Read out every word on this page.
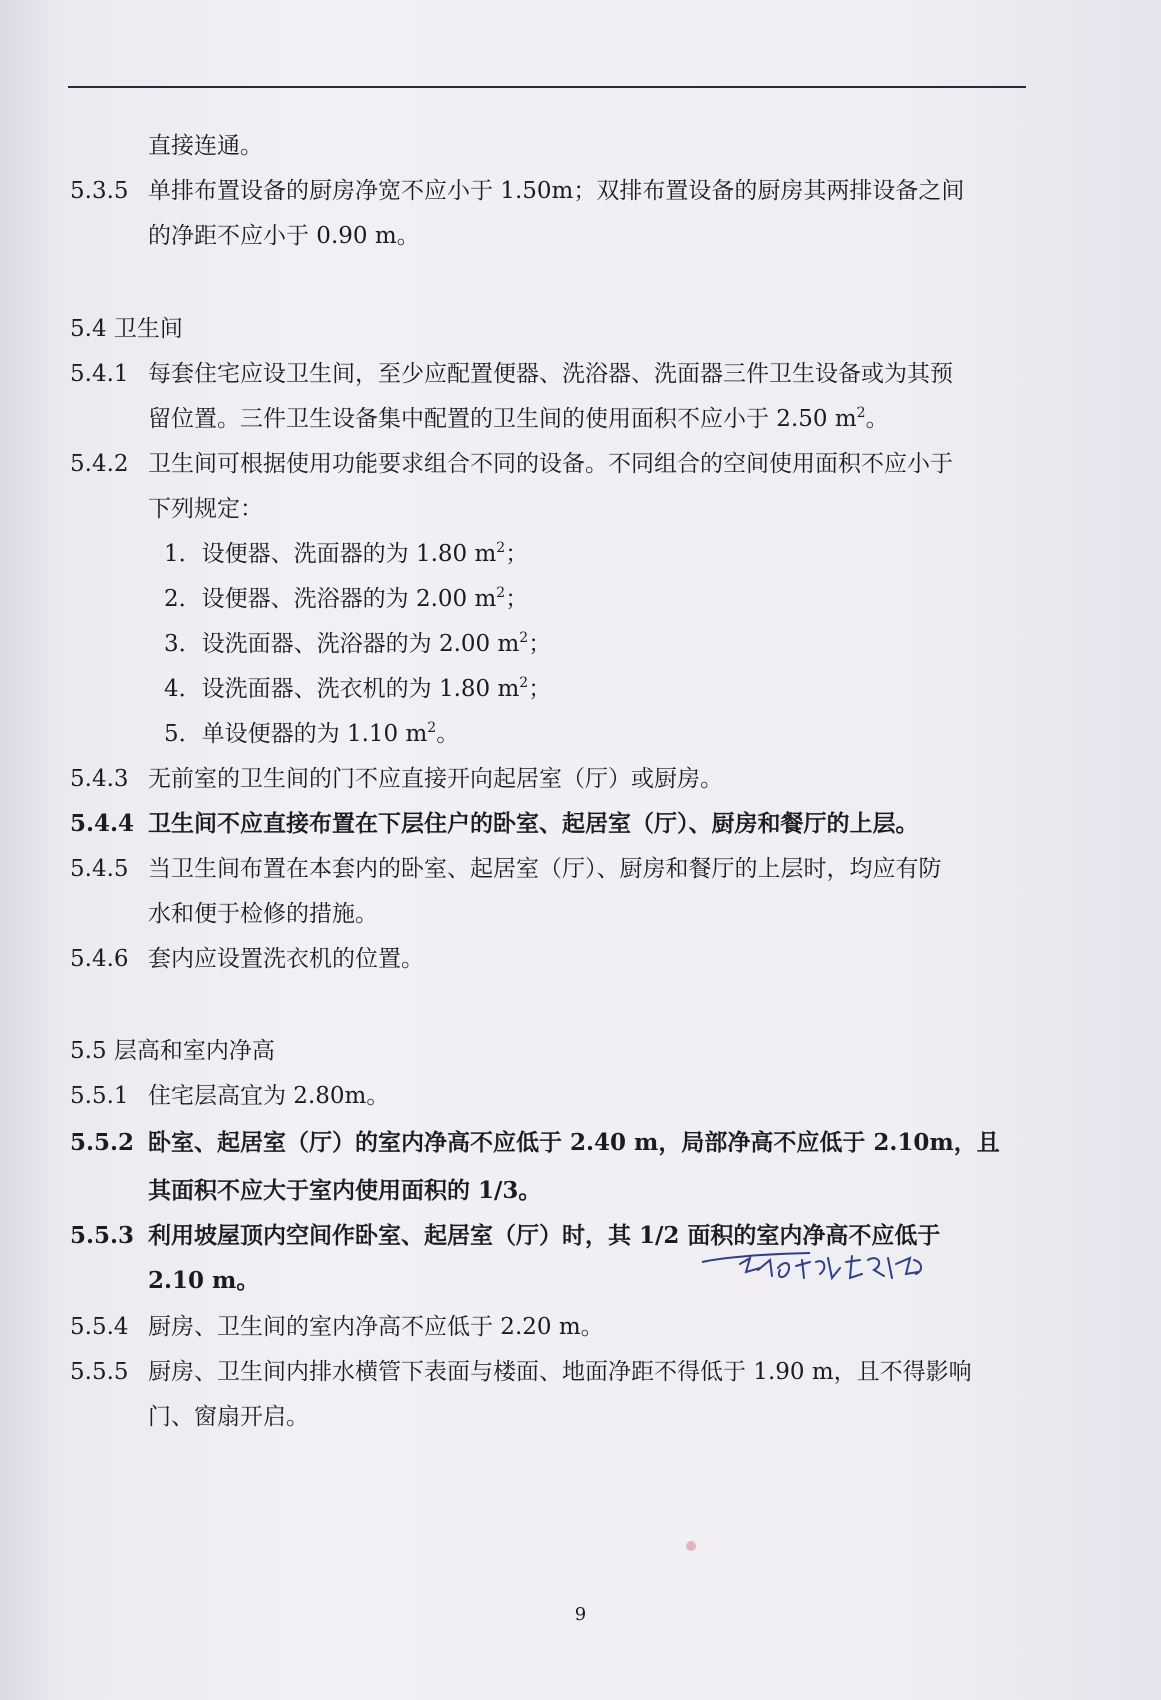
直接连通。
5.3.5 单排布置设备的厨房净宽不应小于 1.50m；双排布置设备的厨房其两排设备之间
的净距不应小于 0.90 m。
5.4 卫生间
5.4.1 每套住宅应设卫生间，至少应配置便器、洗浴器、洗面器三件卫生设备或为其预
留位置。三件卫生设备集中配置的卫生间的使用面积不应小于 2.50 $m^2$。
5.4.2 卫生间可根据使用功能要求组合不同的设备。不同组合的空间使用面积不应小于
下列规定：
1．设便器、洗面器的为 1.80 $m^2$；
2．设便器、洗浴器的为 2.00 $m^2$；
3．设洗面器、洗浴器的为 2.00 $m^2$；
4．设洗面器、洗衣机的为 1.80 $m^2$；
5．单设便器的为 1.10 $m^2$。
5.4.3 无前室的卫生间的门不应直接开向起居室（厅）或厨房。
5.4.4 卫生间不应直接布置在下层住户的卧室、起居室（厅）、厨房和餐厅的上层。
5.4.5 当卫生间布置在本套内的卧室、起居室（厅）、厨房和餐厅的上层时，均应有防
水和便于检修的措施。
5.4.6 套内应设置洗衣机的位置。
5.5 层高和室内净高
5.5.1 住宅层高宜为 2.80m。
5.5.2 卧室、起居室（厅）的室内净高不应低于 2.40 m，局部净高不应低于 2.10m，且
其面积不应大于室内使用面积的 1/3。
5.5.3 利用坡屋顶内空间作卧室、起居室（厅）时，其 1/2 面积的室内净高不应低于
2.10 m。
5.5.4 厨房、卫生间的室内净高不应低于 2.20 m。
5.5.5 厨房、卫生间内排水横管下表面与楼面、地面净距不得低于 1.90 m，且不得影响
门、窗扇开启。
9
